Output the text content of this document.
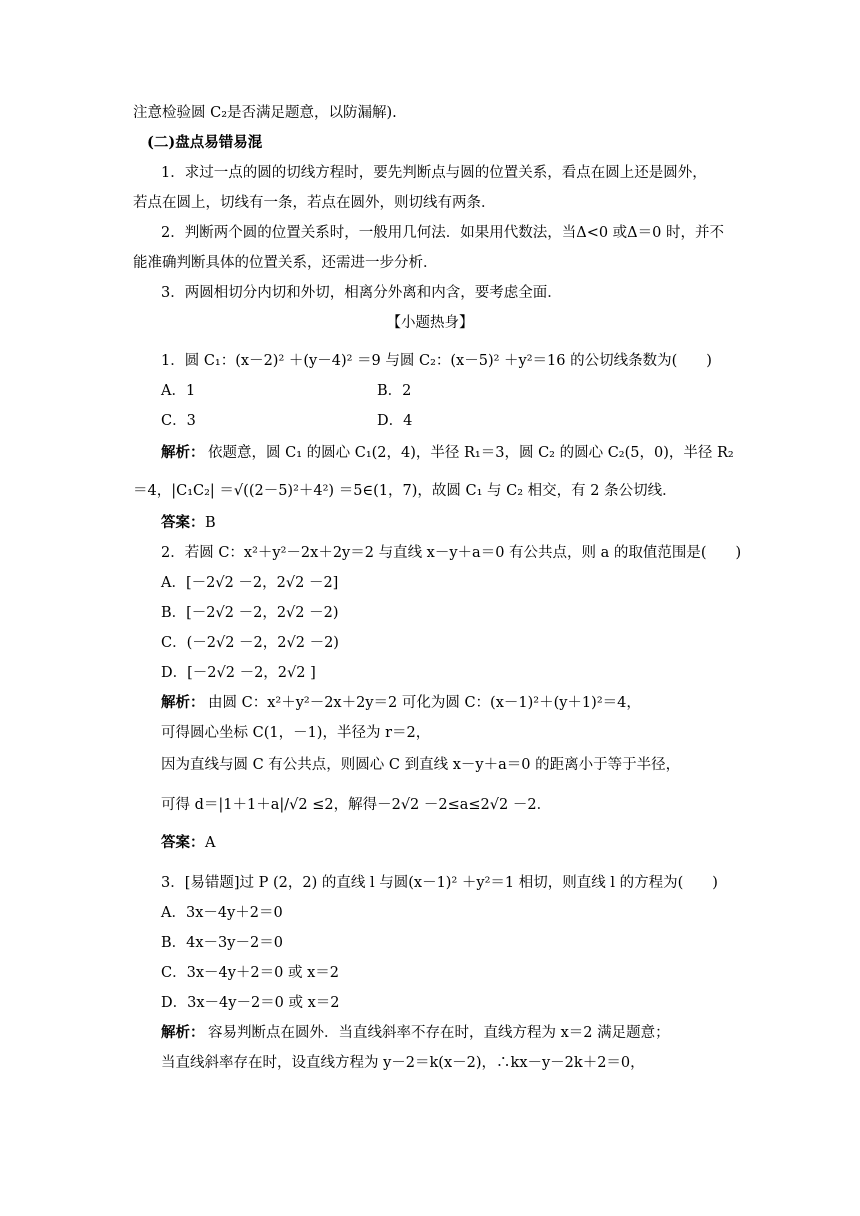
注意检验圆 C₂是否满足题意，以防漏解).
(二)盘点易错易混
1．求过一点的圆的切线方程时，要先判断点与圆的位置关系，看点在圆上还是圆外，
若点在圆上，切线有一条，若点在圆外，则切线有两条．
2．判断两个圆的位置关系时，一般用几何法．如果用代数法，当Δ<0 或Δ＝0 时，并不
能准确判断具体的位置关系，还需进一步分析．
3．两圆相切分内切和外切，相离分外离和内含，要考虑全面．
【小题热身】
1．圆 C₁：(x－2)² ＋(y－4)² ＝9 与圆 C₂：(x－5)² ＋y²＝16 的公切线条数为(　　)
A．1	B．2
C．3	D．4
解析： 依题意，圆 C₁ 的圆心 C₁(2，4)，半径 R₁＝3，圆 C₂ 的圆心 C₂(5，0)，半径 R₂
＝4，|C₁C₂| ＝√((2－5)²＋4²) ＝5∈(1，7)，故圆 C₁ 与 C₂ 相交，有 2 条公切线．
答案： B
2．若圆 C：x²＋y²－2x＋2y＝2 与直线 x－y＋a＝0 有公共点，则 a 的取值范围是(　　)
A．[－2√2 －2，2√2 －2]
B．[－2√2 －2，2√2 －2)
C．(－2√2 －2，2√2 －2)
D．[－2√2 －2，2√2 ]
解析： 由圆 C：x²＋y²－2x＋2y＝2 可化为圆 C：(x－1)²＋(y＋1)²＝4，
可得圆心坐标 C(1，－1)，半径为 r＝2，
因为直线与圆 C 有公共点，则圆心 C 到直线 x－y＋a＝0 的距离小于等于半径，
可得 d＝|1＋1＋a|/√2 ≤2，解得－2√2 －2≤a≤2√2 －2．
答案： A
3．[易错题]过 P (2，2) 的直线 l 与圆(x－1)² ＋y²＝1 相切，则直线 l 的方程为(　　)
A．3x－4y＋2＝0
B．4x－3y－2＝0
C．3x－4y＋2＝0 或 x＝2
D．3x－4y－2＝0 或 x＝2
解析： 容易判断点在圆外．当直线斜率不存在时，直线方程为 x＝2 满足题意；
当直线斜率存在时，设直线方程为 y－2＝k(x－2)，∴kx－y－2k＋2＝0，
